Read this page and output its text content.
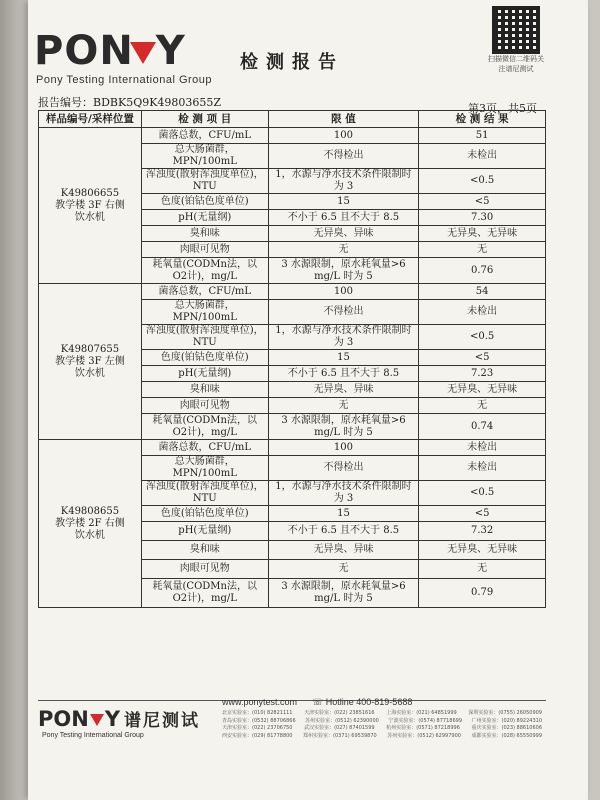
PON Y
Pony Testing International Group
检测报告	扫描微信二维码关注谱尼测试
报告编号：BDBK5Q9K49803655Z	第3页，共5页
样品编号/采样位置	检 测 项 目	限 值	检 测 结 果

K49806655
教学楼 3F 右侧
饮水机	菌落总数，CFU/mL	100	51
	总大肠菌群，MPN/100mL	不得检出	未检出
	浑浊度(散射浑浊度单位)，NTU	1，水源与净水技术条件限制时为 3	<0.5
	色度(铂钴色度单位)	15	<5
	pH(无量纲)	不小于 6.5 且不大于 8.5	7.30
	臭和味	无异臭、异味	无异臭、无异味
	肉眼可见物	无	无
	耗氧量(CODMn法，以 O2计)，mg/L	3 水源限制，原水耗氧量>6 mg/L 时为 5	0.76

K49807655
教学楼 3F 左侧
饮水机	菌落总数，CFU/mL	100	54
	总大肠菌群，MPN/100mL	不得检出	未检出
	浑浊度(散射浑浊度单位)，NTU	1，水源与净水技术条件限制时为 3	<0.5
	色度(铂钴色度单位)	15	<5
	pH(无量纲)	不小于 6.5 且不大于 8.5	7.23
	臭和味	无异臭、异味	无异臭、无异味
	肉眼可见物	无	无
	耗氧量(CODMn法，以 O2计)，mg/L	3 水源限制，原水耗氧量>6 mg/L 时为 5	0.74

K49808655
教学楼 2F 右侧
饮水机	菌落总数，CFU/mL	100	未检出
	总大肠菌群，MPN/100mL	不得检出	未检出
	浑浊度(散射浑浊度单位)，NTU	1，水源与净水技术条件限制时为 3	<0.5
	色度(铂钴色度单位)	15	<5
	pH(无量纲)	不小于 6.5 且不大于 8.5	7.32
	臭和味	无异臭、异味	无异臭、无异味
	肉眼可见物	无	无
	耗氧量(CODMn法，以 O2计)，mg/L	3 水源限制，原水耗氧量>6 mg/L 时为 5	0.79
PON Y 谱尼测试
Pony Testing International Group
www.ponytest.com ☏ Hotline 400-819-5688
北京实验室：(010) 82821111 天津实验室：(022) 23851616 上海实验室：(021) 64851999 深圳实验室：(0755) 26050909
青岛实验室：(0532) 88706866 苏州实验室：(0512) 62390000 宁波实验室：(0574) 87718699 广州实验室：(020) 89224310
天津实验室：(022) 23706750 武汉实验室：(027) 87401599 杭州实验室：(0571) 87218996 重庆实验室：(023) 88610606
西安实验室：(029) 81778800 郑州实验室：(0371) 69539870 苏州实验室：(0512) 62997900 成都实验室：(028) 65550999
